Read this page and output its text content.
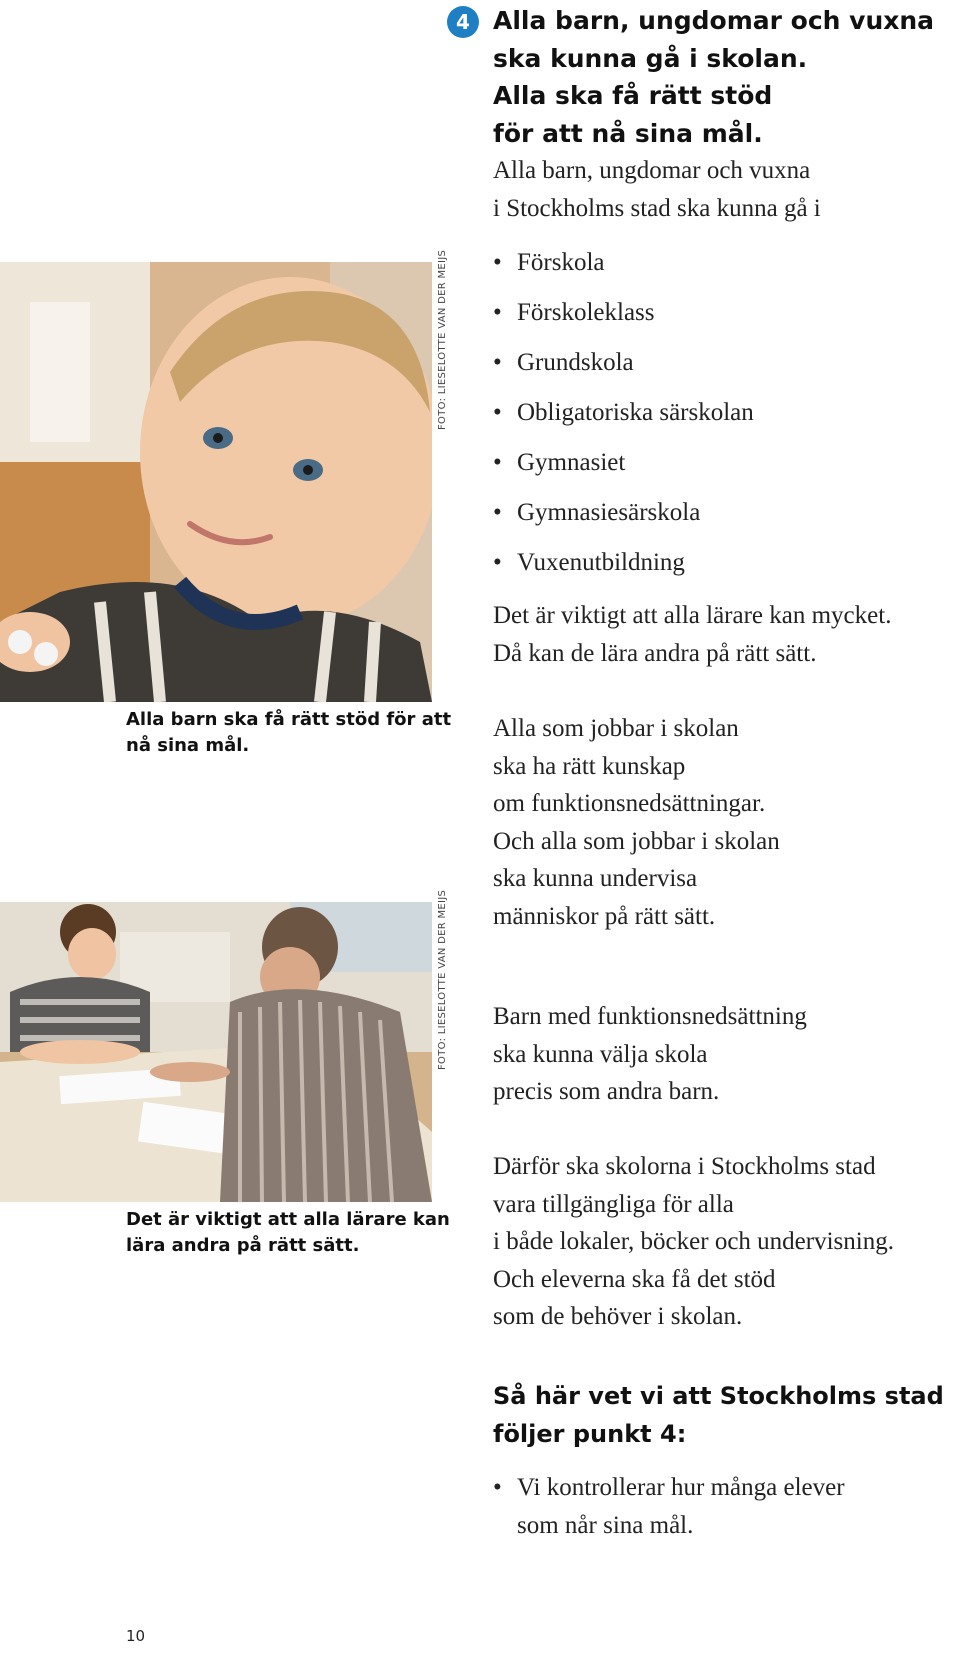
FOTO: LIESELOTTE VAN DER MEIJS
Alla barn ska få rätt stöd för att
nå sina mål.
FOTO: LIESELOTTE VAN DER MEIJS
Det är viktigt att alla lärare kan
lära andra på rätt sätt.
4 Alla barn, ungdomar och vuxna
ska kunna gå i skolan.
Alla ska få rätt stöd
för att nå sina mål.
Alla barn, ungdomar och vuxna
i Stockholms stad ska kunna gå i
• Förskola
• Förskoleklass
• Grundskola
• Obligatoriska särskolan
• Gymnasiet
• Gymnasiesärskola
• Vuxenutbildning
Det är viktigt att alla lärare kan mycket.
Då kan de lära andra på rätt sätt.
Alla som jobbar i skolan
ska ha rätt kunskap
om funktionsnedsättningar.
Och alla som jobbar i skolan
ska kunna undervisa
människor på rätt sätt.
Barn med funktionsnedsättning
ska kunna välja skola
precis som andra barn.
Därför ska skolorna i Stockholms stad
vara tillgängliga för alla
i både lokaler, böcker och undervisning.
Och eleverna ska få det stöd
som de behöver i skolan.
Så här vet vi att Stockholms stad
följer punkt 4:
• Vi kontrollerar hur många elever
som når sina mål.
10
